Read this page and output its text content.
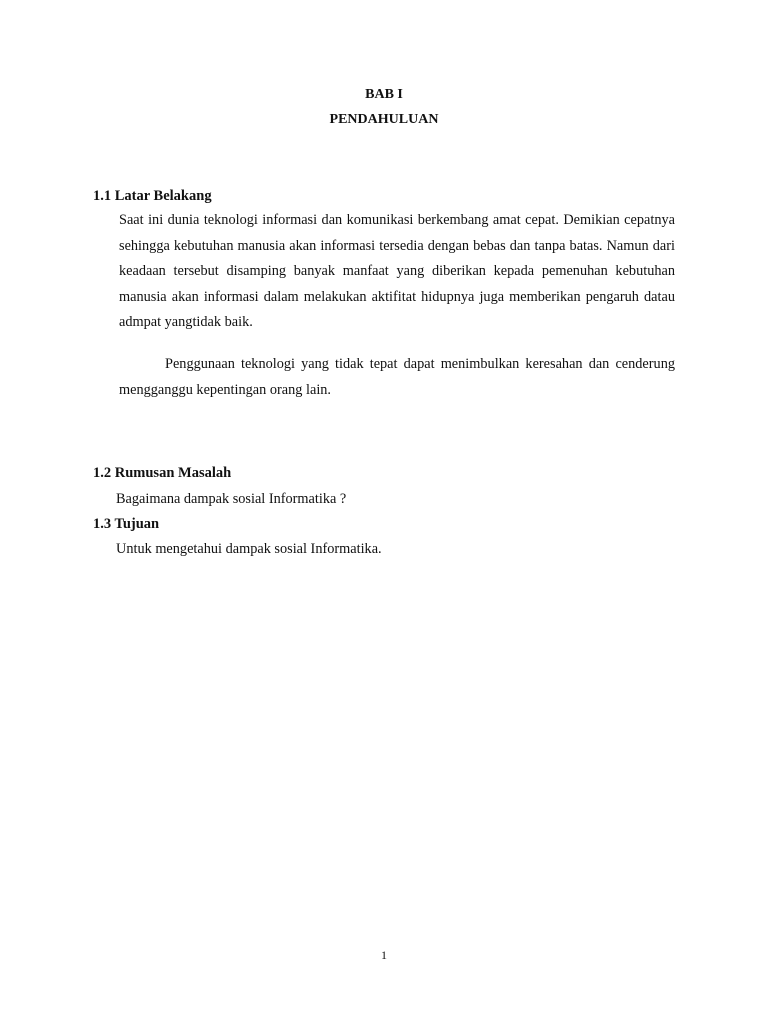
BAB I

PENDAHULUAN

1.1 Latar Belakang

Saat ini dunia teknologi informasi dan komunikasi berkembang amat cepat. Demikian cepatnya sehingga kebutuhan manusia akan informasi tersedia dengan bebas dan tanpa batas. Namun dari keadaan tersebut disamping banyak manfaat yang diberikan kepada pemenuhan kebutuhan manusia akan informasi dalam melakukan aktifitat hidupnya juga memberikan pengaruh datau admpat yangtidak baik.

Penggunaan teknologi yang tidak tepat dapat menimbulkan keresahan dan cenderung mengganggu kepentingan orang lain.

1.2 Rumusan Masalah

Bagaimana dampak sosial Informatika ?

1.3 Tujuan

Untuk mengetahui dampak sosial Informatika.

1
